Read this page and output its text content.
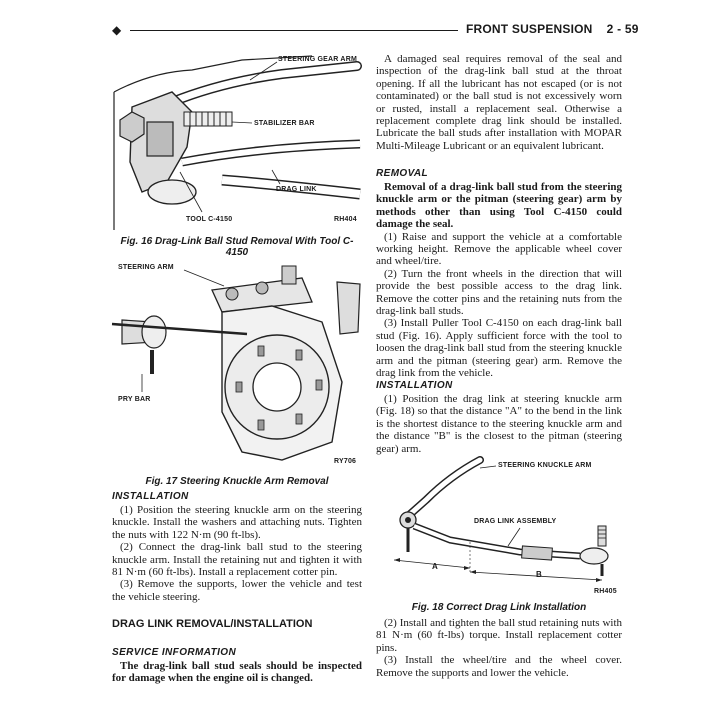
◆	FRONT SUSPENSION    2 - 59
STEERING GEAR ARM
STABILIZER BAR
DRAG LINK
TOOL C-4150	RH404
Fig. 16 Drag-Link Ball Stud Removal With Tool C-4150
STEERING ARM
PRY BAR
RY706
Fig. 17 Steering Knuckle Arm Removal
INSTALLATION

(1) Position the steering knuckle arm on the steering knuckle. Install the washers and attaching nuts. Tighten the nuts with 122 N·m (90 ft-lbs).

(2) Connect the drag-link ball stud to the steering knuckle arm. Install the retaining nut and tighten it with 81 N·m (60 ft-lbs). Install a replacement cotter pin.

(3) Remove the supports, lower the vehicle and test the vehicle steering.

DRAG LINK REMOVAL/INSTALLATION
SERVICE INFORMATION

The drag-link ball stud seals should be inspected for damage when the engine oil is changed.

A damaged seal requires removal of the seal and inspection of the drag-link ball stud at the throat opening. If all the lubricant has not escaped (or is not contaminated) or the ball stud is not excessively worn or rusted, install a replacement seal. Otherwise a replacement complete drag link should be installed. Lubricate the ball studs after installation with MOPAR Multi-Mileage Lubricant or an equivalent lubricant.

REMOVAL

Removal of a drag-link ball stud from the steering knuckle arm or the pitman (steering gear) arm by methods other than using Tool C-4150 could damage the seal.

(1) Raise and support the vehicle at a comfortable working height. Remove the applicable wheel cover and wheel/tire.

(2) Turn the front wheels in the direction that will provide the best possible access to the drag link. Remove the cotter pins and the retaining nuts from the drag-link ball studs.

(3) Install Puller Tool C-4150 on each drag-link ball stud (Fig. 16). Apply sufficient force with the tool to loosen the drag-link ball stud from the steering knuckle arm and the pitman (steering gear) arm. Remove the drag link from the vehicle.

INSTALLATION

(1) Position the drag link at steering knuckle arm (Fig. 18) so that the distance "A" to the bend in the link is the shortest distance to the steering knuckle arm and the distance "B" is the closest to the pitman (steering gear) arm.

STEERING KNUCKLE ARM
DRAG LINK ASSEMBLY
A
B
RH405
Fig. 18 Correct Drag Link Installation

(2) Install and tighten the ball stud retaining nuts with 81 N·m (60 ft-lbs) torque. Install replacement cotter pins.

(3) Install the wheel/tire and the wheel cover. Remove the supports and lower the vehicle.
